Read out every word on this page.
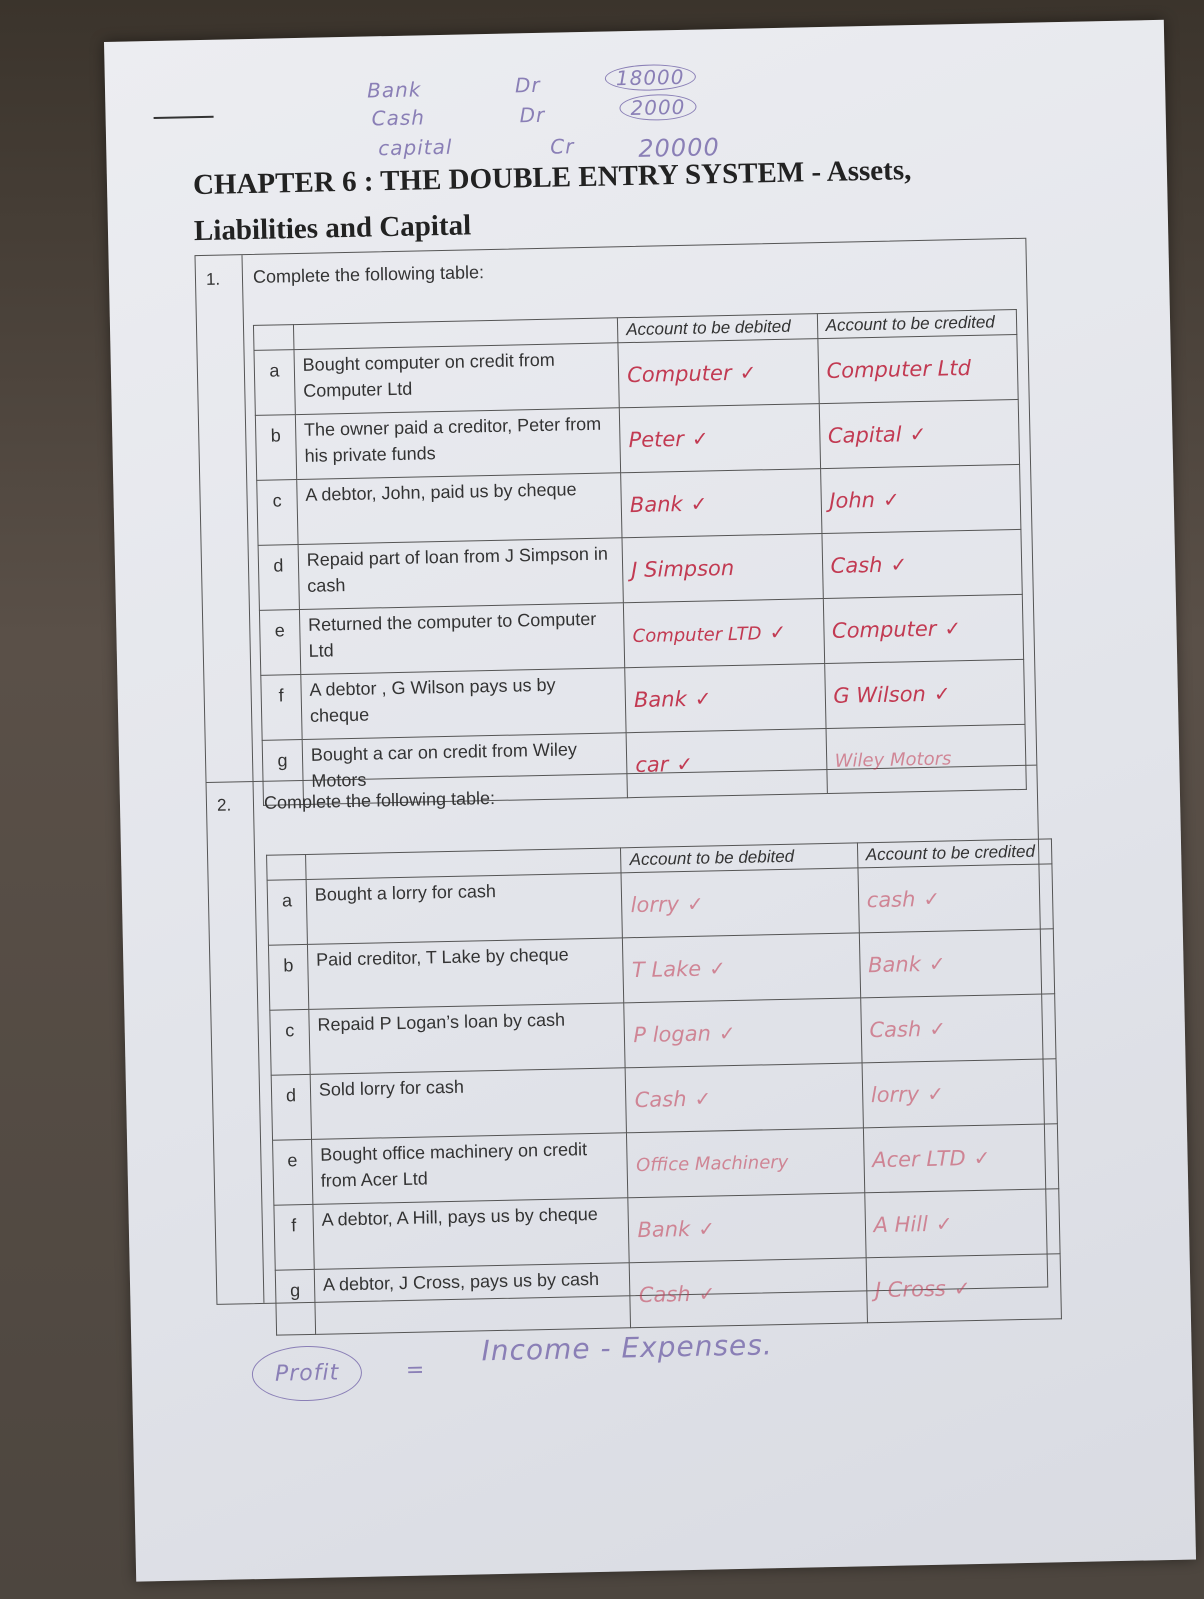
Bank	Dr	18000
Cash	Dr	2000
capital	Cr	20000
CHAPTER 6 : THE DOUBLE ENTRY SYSTEM - Assets,
Liabilities and Capital
1. Complete the following table:
		Account to be debited	Account to be credited
a	Bought computer on credit from Computer Ltd	Computer ✓	Computer Ltd
b	The owner paid a creditor, Peter from his private funds	Peter ✓	Capital ✓
c	A debtor, John, paid us by cheque	Bank ✓	John ✓
d	Repaid part of loan from J Simpson in cash	J Simpson	Cash ✓
e	Returned the computer to Computer Ltd	Computer LTD ✓	Computer ✓
f	A debtor , G Wilson pays us by cheque	Bank ✓	G Wilson ✓
g	Bought a car on credit from Wiley Motors	car ✓	Wiley Motors
2. Complete the following table:
		Account to be debited	Account to be credited
a	Bought a lorry for cash	lorry ✓	cash ✓
b	Paid creditor, T Lake by cheque	T Lake ✓	Bank ✓
c	Repaid P Logan’s loan by cash	P logan ✓	Cash ✓
d	Sold lorry for cash	Cash ✓	lorry ✓
e	Bought office machinery on credit from Acer Ltd	Office Machinery	Acer LTD ✓
f	A debtor, A Hill, pays us by cheque	Bank ✓	A Hill ✓
g	A debtor, J Cross, pays us by cash	Cash ✓	J Cross ✓
Profit	=
Income - Expenses.
